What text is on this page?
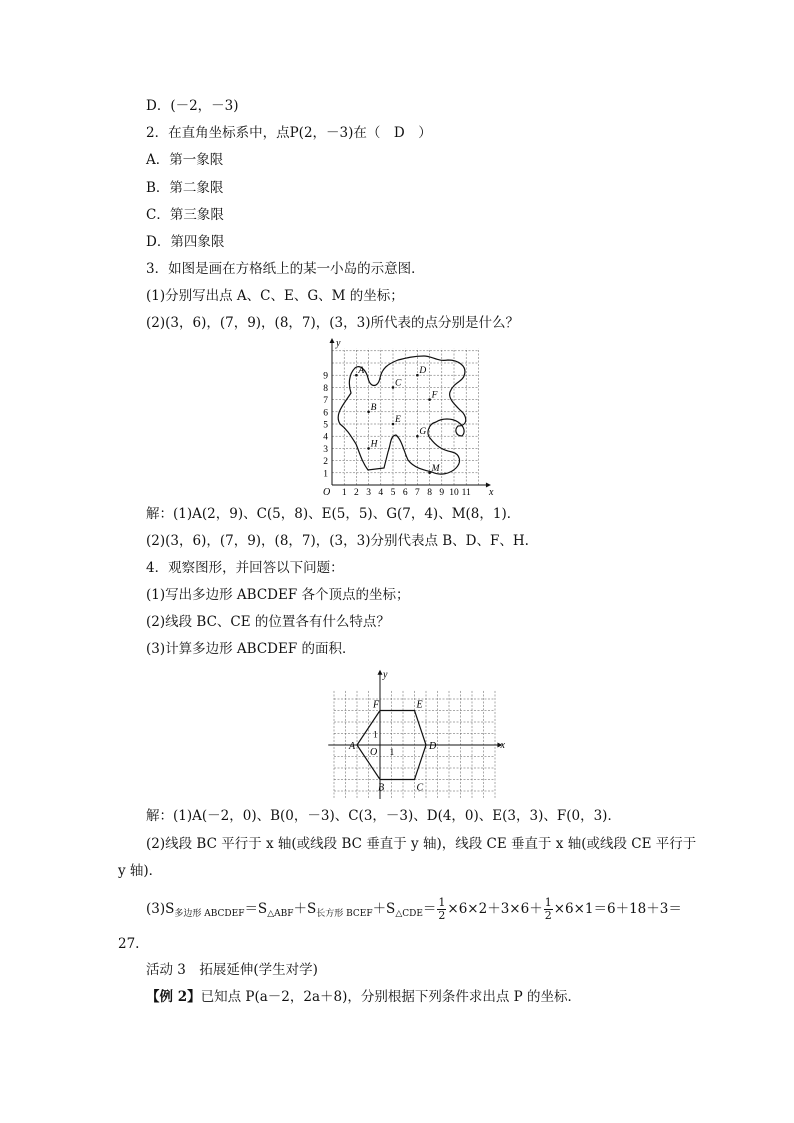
D．(－2，－3)
2．在直角坐标系中，点P(2，－3)在（　D　）
A．第一象限
B．第二象限
C．第三象限
D．第四象限
3．如图是画在方格纸上的某一小岛的示意图．
(1)分别写出点 A、C、E、G、M 的坐标；
(2)(3，6)，(7，9)，(8，7)，(3，3)所代表的点分别是什么？
x
y
O 1 2 3 4 5 6 7 8 9 10 11
1
2
3
4
5
6
7
8
9
A
B
C
D
E
F
G
H
M
解：(1)A(2，9)、C(5，8)、E(5，5)、G(7，4)、M(8，1)．
(2)(3，6)，(7，9)，(8，7)，(3，3)分别代表点 B、D、F、H.
4．观察图形，并回答以下问题：
(1)写出多边形 ABCDEF 各个顶点的坐标；
(2)线段 BC、CE 的位置各有什么特点？
(3)计算多边形 ABCDEF 的面积．
x
y
O 1
1
A
B	C
D
E
F
解：(1)A(－2，0)、B(0，－3)、C(3，－3)、D(4，0)、E(3，3)、F(0，3)．
(2)线段 BC 平行于 x 轴(或线段 BC 垂直于 y 轴)，线段 CE 垂直于 x 轴(或线段 CE 平行于
y 轴)．
$(3)S_{多边形 ABCDEF}=S_{\triangle ABF}+S_{长方形 BCEF}+S_{\triangle CDE}= \frac{1}{2} \times 6\times 2+3\times 6+ \frac{1}{2} \times 6\times 1=6+18+3=$
27.
活动 3　拓展延伸(学生对学)
【例 2】已知点 P(a－2，2a＋8)，分别根据下列条件求出点 P 的坐标．
